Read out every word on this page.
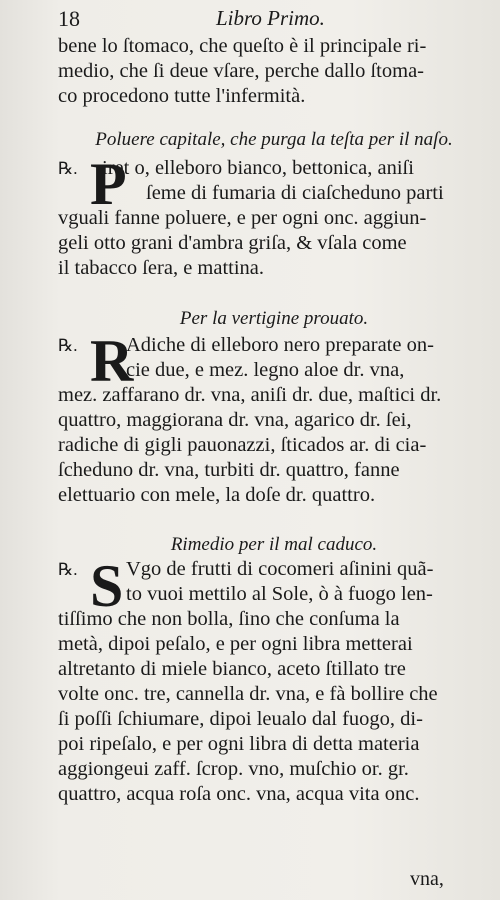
18	Libro Primo.
bene lo ſtomaco, che queſto è il principale ri-
medio, che ſi deue vſare, perche dallo ſtoma-
co procedono tutte l'infermità.
Poluere capitale, che purga la teſta per il naſo.
P
℞. iret o, elleboro bianco, bettonica, aniſi
ſeme di fumaria di ciaſcheduno parti
vguali fanne poluere, e per ogni onc. aggiun-
geli otto grani d'ambra griſa, & vſala come
il tabacco ſera, e mattina.
Per la vertigine prouato.
R
℞. Adiche di elleboro nero preparate on-
cie due, e mez. legno aloe dr. vna,
mez. zaffarano dr. vna, aniſi dr. due, maſtici dr.
quattro, maggiorana dr. vna, agarico dr. ſei,
radiche di gigli pauonazzi, ſticados ar. di cia-
ſcheduno dr. vna, turbiti dr. quattro, fanne
elettuario con mele, la doſe dr. quattro.
Rimedio per il mal caduco.
S
℞. Vgo de frutti di cocomeri aſinini quã-
to vuoi mettilo al Sole, ò à fuogo len-
tiſſimo che non bolla, ſino che conſuma la
metà, dipoi peſalo, e per ogni libra metterai
altretanto di miele bianco, aceto ſtillato tre
volte onc. tre, cannella dr. vna, e fà bollire che
ſi poſſi ſchiumare, dipoi leualo dal fuogo, di-
poi ripeſalo, e per ogni libra di detta materia
aggiongeui zaff. ſcrop. vno, muſchio or. gr.
quattro, acqua roſa onc. vna, acqua vita onc.
vna,
